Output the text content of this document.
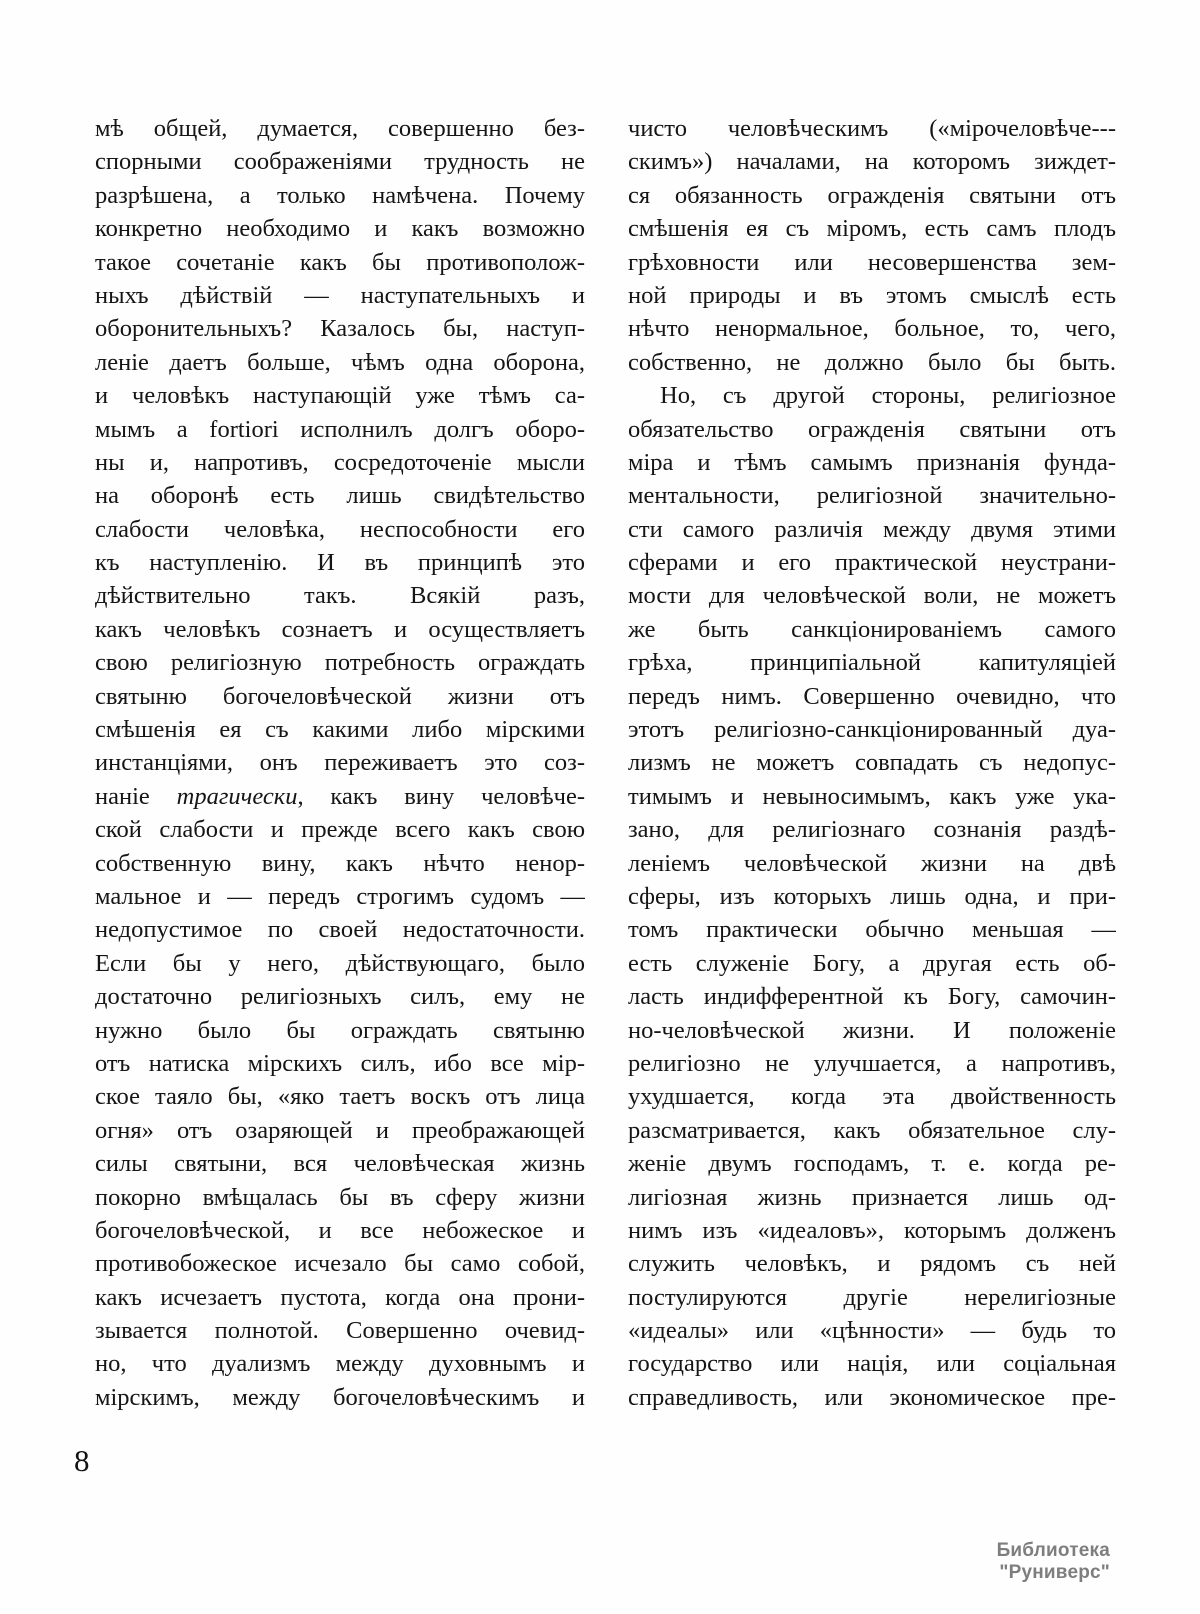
мѣ общей, думается, совершенно без-
спорными соображеніями трудность не
разрѣшена, а только намѣчена. Почему
конкретно необходимо и какъ возможно
такое сочетаніе какъ бы противополож-
ныхъ дѣйствій — наступательныхъ и
оборонительныхъ? Казалось бы, наступ-
леніе даетъ больше, чѣмъ одна оборона,
и человѣкъ наступающій уже тѣмъ са-
мымъ a fortiori исполнилъ долгъ оборо-
ны и, напротивъ, сосредоточеніе мысли
на оборонѣ есть лишь свидѣтельство
слабости человѣка, неспособности его
къ наступленію. И въ принципѣ это
дѣйствительно такъ. Всякій разъ,
какъ человѣкъ сознаетъ и осуществляетъ
свою религіозную потребность ограждать
святыню богочеловѣческой жизни отъ
смѣшенія ея съ какими либо мірскими
инстанціями, онъ переживаетъ это соз-
наніе трагически, какъ вину человѣче-
ской слабости и прежде всего какъ свою
собственную вину, какъ нѣчто ненор-
мальное и — передъ строгимъ судомъ —
недопустимое по своей недостаточности.
Если бы у него, дѣйствующаго, было
достаточно религіозныхъ силъ, ему не
нужно было бы ограждать святыню
отъ натиска мірскихъ силъ, ибо все мір-
ское таяло бы, «яко таетъ воскъ отъ лица
огня» отъ озаряющей и преображающей
силы святыни, вся человѣческая жизнь
покорно вмѣщалась бы въ сферу жизни
богочеловѣческой, и все небожеское и
противобожеское исчезало бы само собой,
какъ исчезаетъ пустота, когда она прони-
зывается полнотой. Совершенно очевид-
но, что дуализмъ между духовнымъ и
мірскимъ, между богочеловѣческимъ и
чисто человѣческимъ («мірочеловѣче---
скимъ») началами, на которомъ зиждет-
ся обязанность огражденія святыни отъ
смѣшенія ея съ міромъ, есть самъ плодъ
грѣховности или несовершенства зем-
ной природы и въ этомъ смыслѣ есть
нѣчто ненормальное, больное, то, чего,
собственно, не должно было бы быть.
Но, съ другой стороны, религіозное
обязательство огражденія святыни отъ
міра и тѣмъ самымъ признанія фунда-
ментальности, религіозной значительно-
сти самого различія между двумя этими
сферами и его практической неустрани-
мости для человѣческой воли, не можетъ
же быть санкціонированіемъ самого
грѣха, принципіальной капитуляціей
передъ нимъ. Совершенно очевидно, что
этотъ религіозно-санкціонированный дуа-
лизмъ не можетъ совпадать съ недопус-
тимымъ и невыносимымъ, какъ уже ука-
зано, для религіознаго сознанія раздѣ-
леніемъ человѣческой жизни на двѣ
сферы, изъ которыхъ лишь одна, и при-
томъ практически обычно меньшая —
есть служеніе Богу, а другая есть об-
ласть индифферентной къ Богу, самочин-
но-человѣческой жизни. И положеніе
религіозно не улучшается, а напротивъ,
ухудшается, когда эта двойственность
разсматривается, какъ обязательное слу-
женіе двумъ господамъ, т. е. когда ре-
лигіозная жизнь признается лишь од-
нимъ изъ «идеаловъ», которымъ долженъ
служить человѣкъ, и рядомъ съ ней
постулируются другіе нерелигіозные
«идеалы» или «цѣнности» — будь то
государство или нація, или соціальная
справедливость, или экономическое пре-
8
Библиотека "Руниверс"
